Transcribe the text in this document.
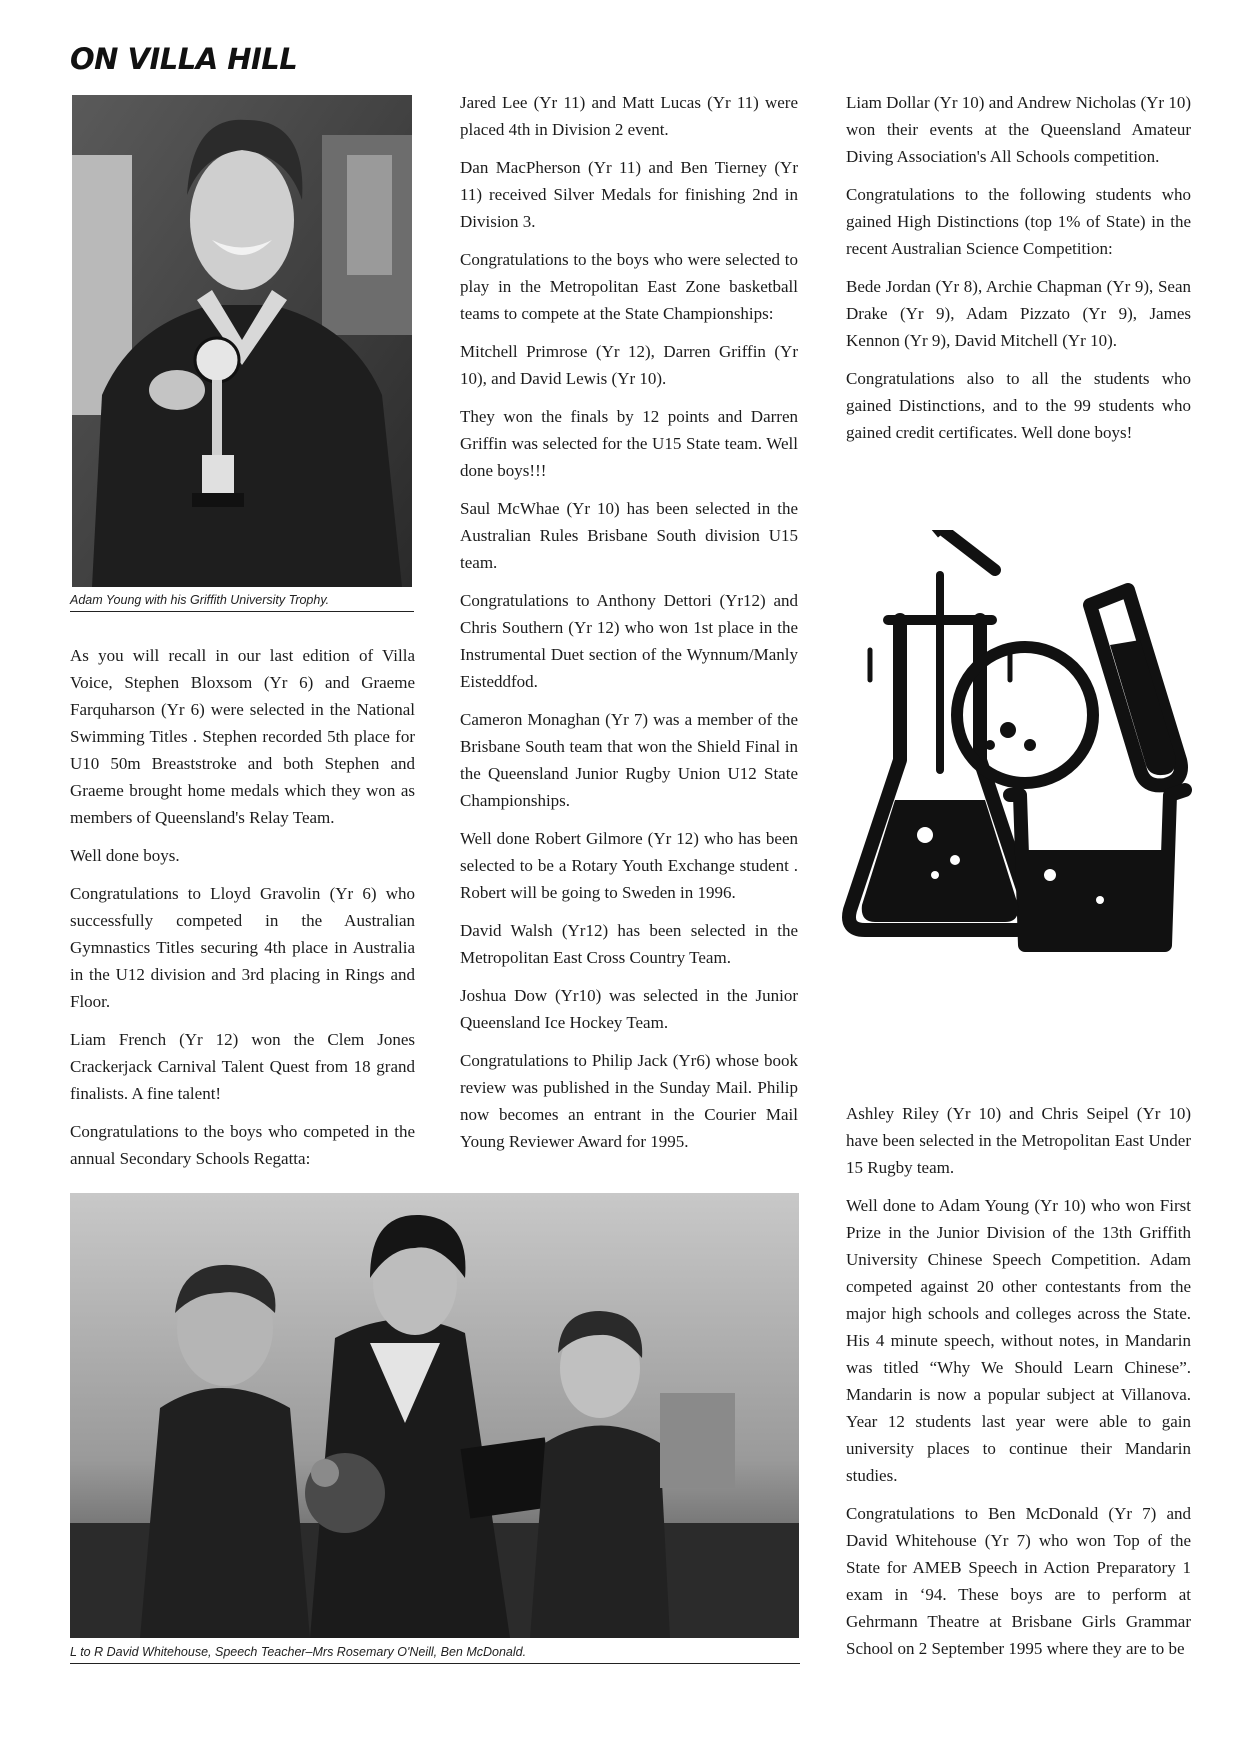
ON VILLA HILL
Adam Young with his Griffith University Trophy.

As you will recall in our last edition of Villa Voice, Stephen Bloxsom (Yr 6) and Graeme Farquharson (Yr 6) were selected in the National Swimming Titles . Stephen recorded 5th place for U10 50m Breaststroke and both Stephen and Graeme brought home medals which they won as members of Queensland's Relay Team.

Well done boys.

Congratulations to Lloyd Gravolin (Yr 6) who successfully competed in the Australian Gymnastics Titles securing 4th place in Australia in the U12 division and 3rd placing in Rings and Floor.

Liam French (Yr 12) won the Clem Jones Crackerjack Carnival Talent Quest from 18 grand finalists. A fine talent!

Congratulations to the boys who competed in the annual Secondary Schools Regatta:

Jared Lee (Yr 11) and Matt Lucas (Yr 11) were placed 4th in Division 2 event.

Dan MacPherson (Yr 11) and Ben Tierney (Yr 11) received Silver Medals for finishing 2nd in Division 3.

Congratulations to the boys who were selected to play in the Metropolitan East Zone basketball teams to compete at the State Championships:

Mitchell Primrose (Yr 12), Darren Griffin (Yr 10), and David Lewis (Yr 10).

They won the finals by 12 points and Darren Griffin was selected for the U15 State team. Well done boys!!!

Saul McWhae (Yr 10) has been selected in the Australian Rules Brisbane South division U15 team.

Congratulations to Anthony Dettori (Yr12) and Chris Southern (Yr 12) who won 1st place in the Instrumental Duet section of the Wynnum/Manly Eisteddfod.

Cameron Monaghan (Yr 7) was a member of the Brisbane South team that won the Shield Final in the Queensland Junior Rugby Union U12 State Championships.

Well done Robert Gilmore (Yr 12) who has been selected to be a Rotary Youth Exchange student . Robert will be going to Sweden in 1996.

David Walsh (Yr12) has been selected in the Metropolitan East Cross Country Team.

Joshua Dow (Yr10) was selected in the Junior Queensland Ice Hockey Team.

Congratulations to Philip Jack (Yr6) whose book review was published in the Sunday Mail. Philip now becomes an entrant in the Courier Mail Young Reviewer Award for 1995.

Liam Dollar (Yr 10) and Andrew Nicholas (Yr 10) won their events at the Queensland Amateur Diving Association's All Schools competition.

Congratulations to the following students who gained High Distinctions (top 1% of State) in the recent Australian Science Competition:

Bede Jordan (Yr 8), Archie Chapman (Yr 9), Sean Drake (Yr 9), Adam Pizzato (Yr 9), James Kennon (Yr 9), David Mitchell (Yr 10).

Congratulations also to all the students who gained Distinctions, and to the 99 students who gained credit certificates. Well done boys!

Ashley Riley (Yr 10) and Chris Seipel (Yr 10) have been selected in the Metropolitan East Under 15 Rugby team.

Well done to Adam Young (Yr 10) who won First Prize in the Junior Division of the 13th Griffith University Chinese Speech Competition. Adam competed against 20 other contestants from the major high schools and colleges across the State. His 4 minute speech, without notes, in Mandarin was titled “Why We Should Learn Chinese”. Mandarin is now a popular subject at Villanova. Year 12 students last year were able to gain university places to continue their Mandarin studies.

Congratulations to Ben McDonald (Yr 7) and David Whitehouse (Yr 7) who won Top of the State for AMEB Speech in Action Preparatory 1 exam in ‘94. These boys are to perform at Gehrmann Theatre at Brisbane Girls Grammar School on 2 September 1995 where they are to be

L to R David Whitehouse, Speech Teacher–Mrs Rosemary O'Neill, Ben McDonald.
